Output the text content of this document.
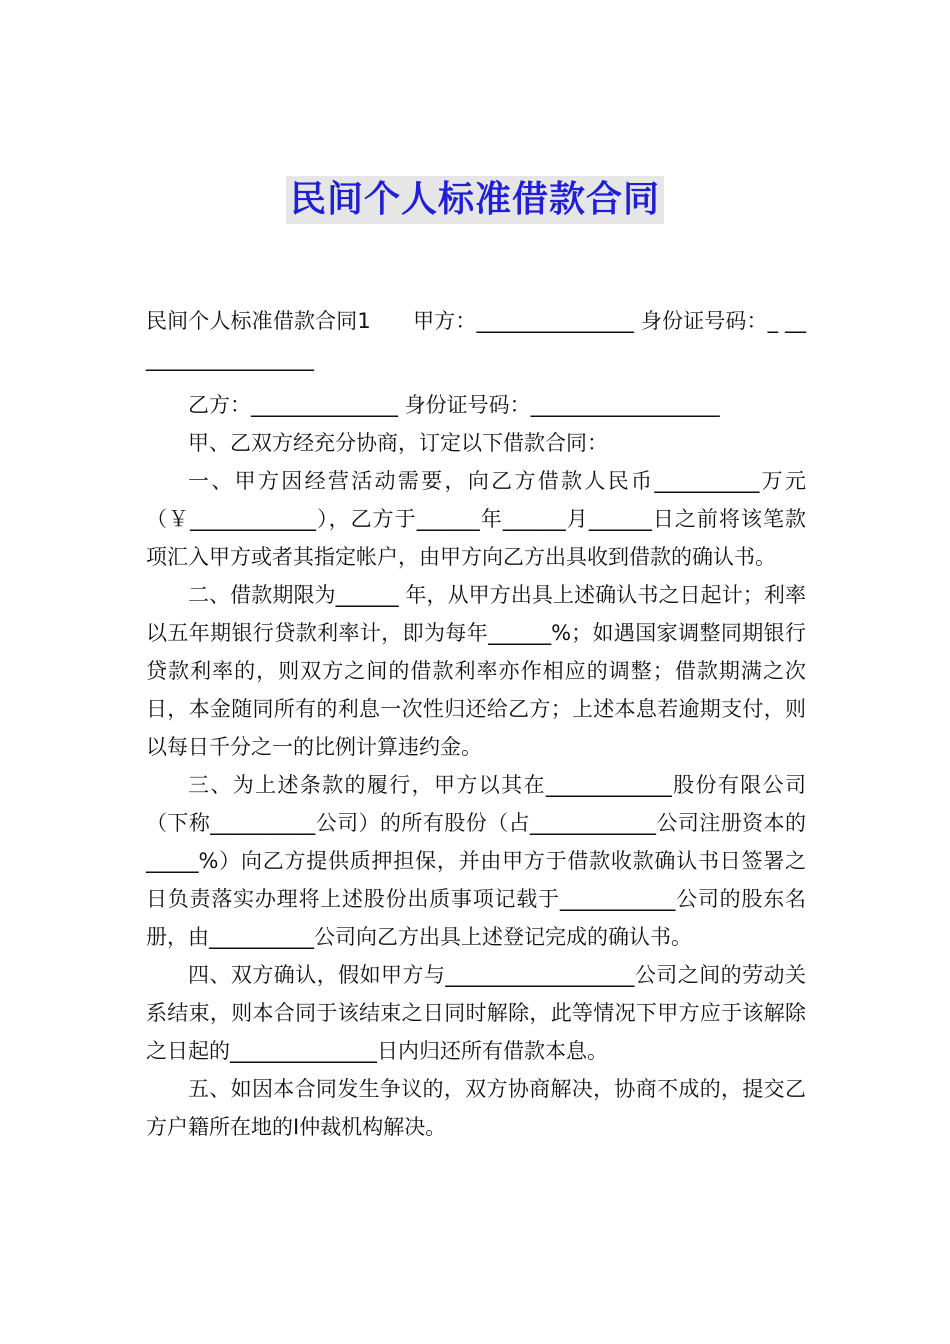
民间个人标准借款合同

民间个人标准借款合同1　　甲方：_______________ 身份证号码：_ __________________

乙方：______________ 身份证号码：__________________

甲、乙双方经充分协商，订定以下借款合同：

一、甲方因经营活动需要，向乙方借款人民币__________万元（￥____________），乙方于______年______月______日之前将该笔款项汇入甲方或者其指定帐户，由甲方向乙方出具收到借款的确认书。

二、借款期限为______ 年，从甲方出具上述确认书之日起计；利率以五年期银行贷款利率计，即为每年______%；如遇国家调整同期银行贷款利率的，则双方之间的借款利率亦作相应的调整；借款期满之次日，本金随同所有的利息一次性归还给乙方；上述本息若逾期支付，则以每日千分之一的比例计算违约金。

三、为上述条款的履行，甲方以其在____________股份有限公司（下称__________公司）的所有股份（占____________公司注册资本的 _____%）向乙方提供质押担保，并由甲方于借款收款确认书日签署之日负责落实办理将上述股份出质事项记载于___________公司的股东名册，由__________公司向乙方出具上述登记完成的确认书。

四、双方确认，假如甲方与__________________公司之间的劳动关系结束，则本合同于该结束之日同时解除，此等情况下甲方应于该解除之日起的______________日内归还所有借款本息。

五、如因本合同发生争议的，双方协商解决，协商不成的，提交乙方户籍所在地的I仲裁机构解决。
